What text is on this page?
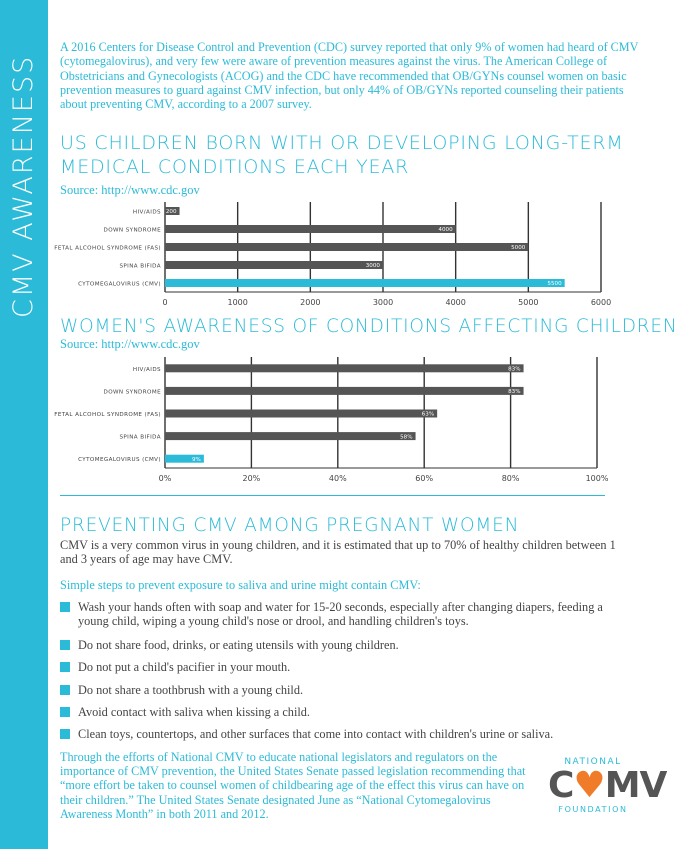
CMV AWARENESS
A 2016 Centers for Disease Control and Prevention (CDC) survey reported that only 9% of women had heard of CMV (cytomegalovirus), and very few were aware of prevention measures against the virus. The American College of Obstetricians and Gynecologists (ACOG) and the CDC have recommended that OB/GYNs counsel women on basic prevention measures to guard against CMV infection, but only 44% of OB/GYNs reported counseling their patients about preventing CMV, according to a 2007 survey.
US CHILDREN BORN WITH OR DEVELOPING LONG-TERM
MEDICAL CONDITIONS EACH YEAR
Source: http://www.cdc.gov
0	1000	2000	3000	4000	5000	6000
HIV/AIDS 200
DOWN SYNDROME	4000
FETAL ALCOHOL SYNDROME (FAS)	5000
SPINA BIFIDA	3000
CYTOMEGALOVIRUS (CMV)	5500
WOMEN'S AWARENESS OF CONDITIONS AFFECTING CHILDREN
Source: http://www.cdc.gov
0%	20%	40%	60%	80%	100%
HIV/AIDS	83%
DOWN SYNDROME	83%
FETAL ALCOHOL SYNDROME (FAS)	63%
SPINA BIFIDA	58%
CYTOMEGALOVIRUS (CMV)	9%
PREVENTING CMV AMONG PREGNANT WOMEN
CMV is a very common virus in young children, and it is estimated that up to 70% of healthy children between 1 and 3 years of age may have CMV.
Simple steps to prevent exposure to saliva and urine might contain CMV:
Wash your hands often with soap and water for 15-20 seconds, especially after changing diapers, feeding a young child, wiping a young child's nose or drool, and handling children's toys.
Do not share food, drinks, or eating utensils with young children.
Do not put a child's pacifier in your mouth.
Do not share a toothbrush with a young child.
Avoid contact with saliva when kissing a child.
Clean toys, countertops, and other surfaces that come into contact with children's urine or saliva.
Through the efforts of National CMV to educate national legislators and regulators on the importance of CMV prevention, the United States Senate passed legislation recommending that “more effort be taken to counsel women of childbearing age of the effect this virus can have on their children.” The United States Senate designated June as “National Cytomegalovirus Awareness Month” in both 2011 and 2012.
NATIONAL
C♥MV
FOUNDATION
